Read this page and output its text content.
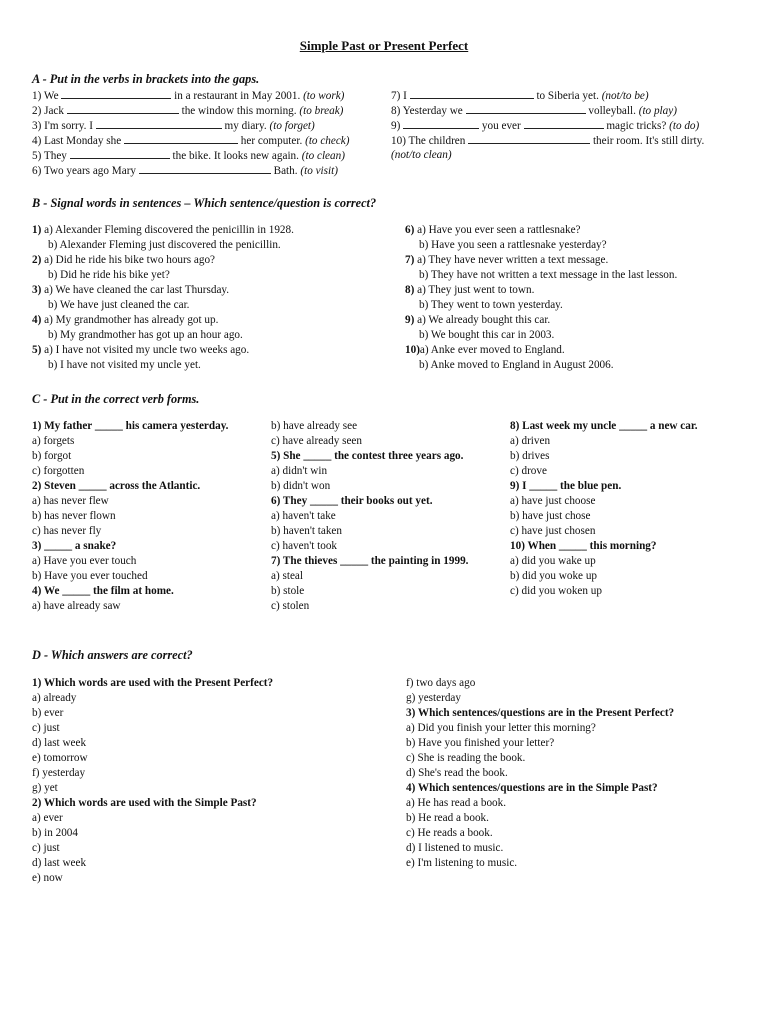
Simple Past or Present Perfect
A - Put in the verbs in brackets into the gaps.
1) We	in a restaurant in May 2001. (to work)
2) Jack	the window this morning. (to break)
3) I'm sorry. I	my diary. (to forget)
4) Last Monday she	her computer. (to check)
5) They	the bike. It looks new again. (to clean)
6) Two years ago Mary	Bath. (to visit)
7) I	to Siberia yet. (not/to be)
8) Yesterday we	volleyball. (to play)
9)	you ever	magic tricks? (to do)
10) The children	their room. It's still dirty.
(not/to clean)
B - Signal words in sentences – Which sentence/question is correct?
1) a) Alexander Fleming discovered the penicillin in 1928.
b) Alexander Fleming just discovered the penicillin.
2) a) Did he ride his bike two hours ago?
b) Did he ride his bike yet?
3) a) We have cleaned the car last Thursday.
b) We have just cleaned the car.
4) a) My grandmother has already got up.
b) My grandmother has got up an hour ago.
5) a) I have not visited my uncle two weeks ago.
b) I have not visited my uncle yet.
6) a) Have you ever seen a rattlesnake?
b) Have you seen a rattlesnake yesterday?
7) a) They have never written a text message.
b) They have not written a text message in the last lesson.
8) a) They just went to town.
b) They went to town yesterday.
9) a) We already bought this car.
b) We bought this car in 2003.
10)a) Anke ever moved to England.
b) Anke moved to England in August 2006.
C - Put in the correct verb forms.
1) My father _____ his camera yesterday.
a) forgets
b) forgot
c) forgotten
2) Steven _____ across the Atlantic.
a) has never flew
b) has never flown
c) has never fly
3) _____ a snake?
a) Have you ever touch
b) Have you ever touched
4) We _____ the film at home.
a) have already saw
b) have already see
c) have already seen
5) She _____ the contest three years ago.
a) didn't win
b) didn't won
6) They _____ their books out yet.
a) haven't take
b) haven't taken
c) haven't took
7) The thieves _____ the painting in 1999.
a) steal
b) stole
c) stolen
8) Last week my uncle _____ a new car.
a) driven
b) drives
c) drove
9) I _____ the blue pen.
a) have just choose
b) have just chose
c) have just chosen
10) When _____ this morning?
a) did you wake up
b) did you woke up
c) did you woken up
D - Which answers are correct?
1) Which words are used with the Present Perfect?
a) already
b) ever
c) just
d) last week
e) tomorrow
f) yesterday
g) yet
2) Which words are used with the Simple Past?
a) ever
b) in 2004
c) just
d) last week
e) now
f) two days ago
g) yesterday
3) Which sentences/questions are in the Present Perfect?
a) Did you finish your letter this morning?
b) Have you finished your letter?
c) She is reading the book.
d) She's read the book.
4) Which sentences/questions are in the Simple Past?
a) He has read a book.
b) He read a book.
c) He reads a book.
d) I listened to music.
e) I'm listening to music.
